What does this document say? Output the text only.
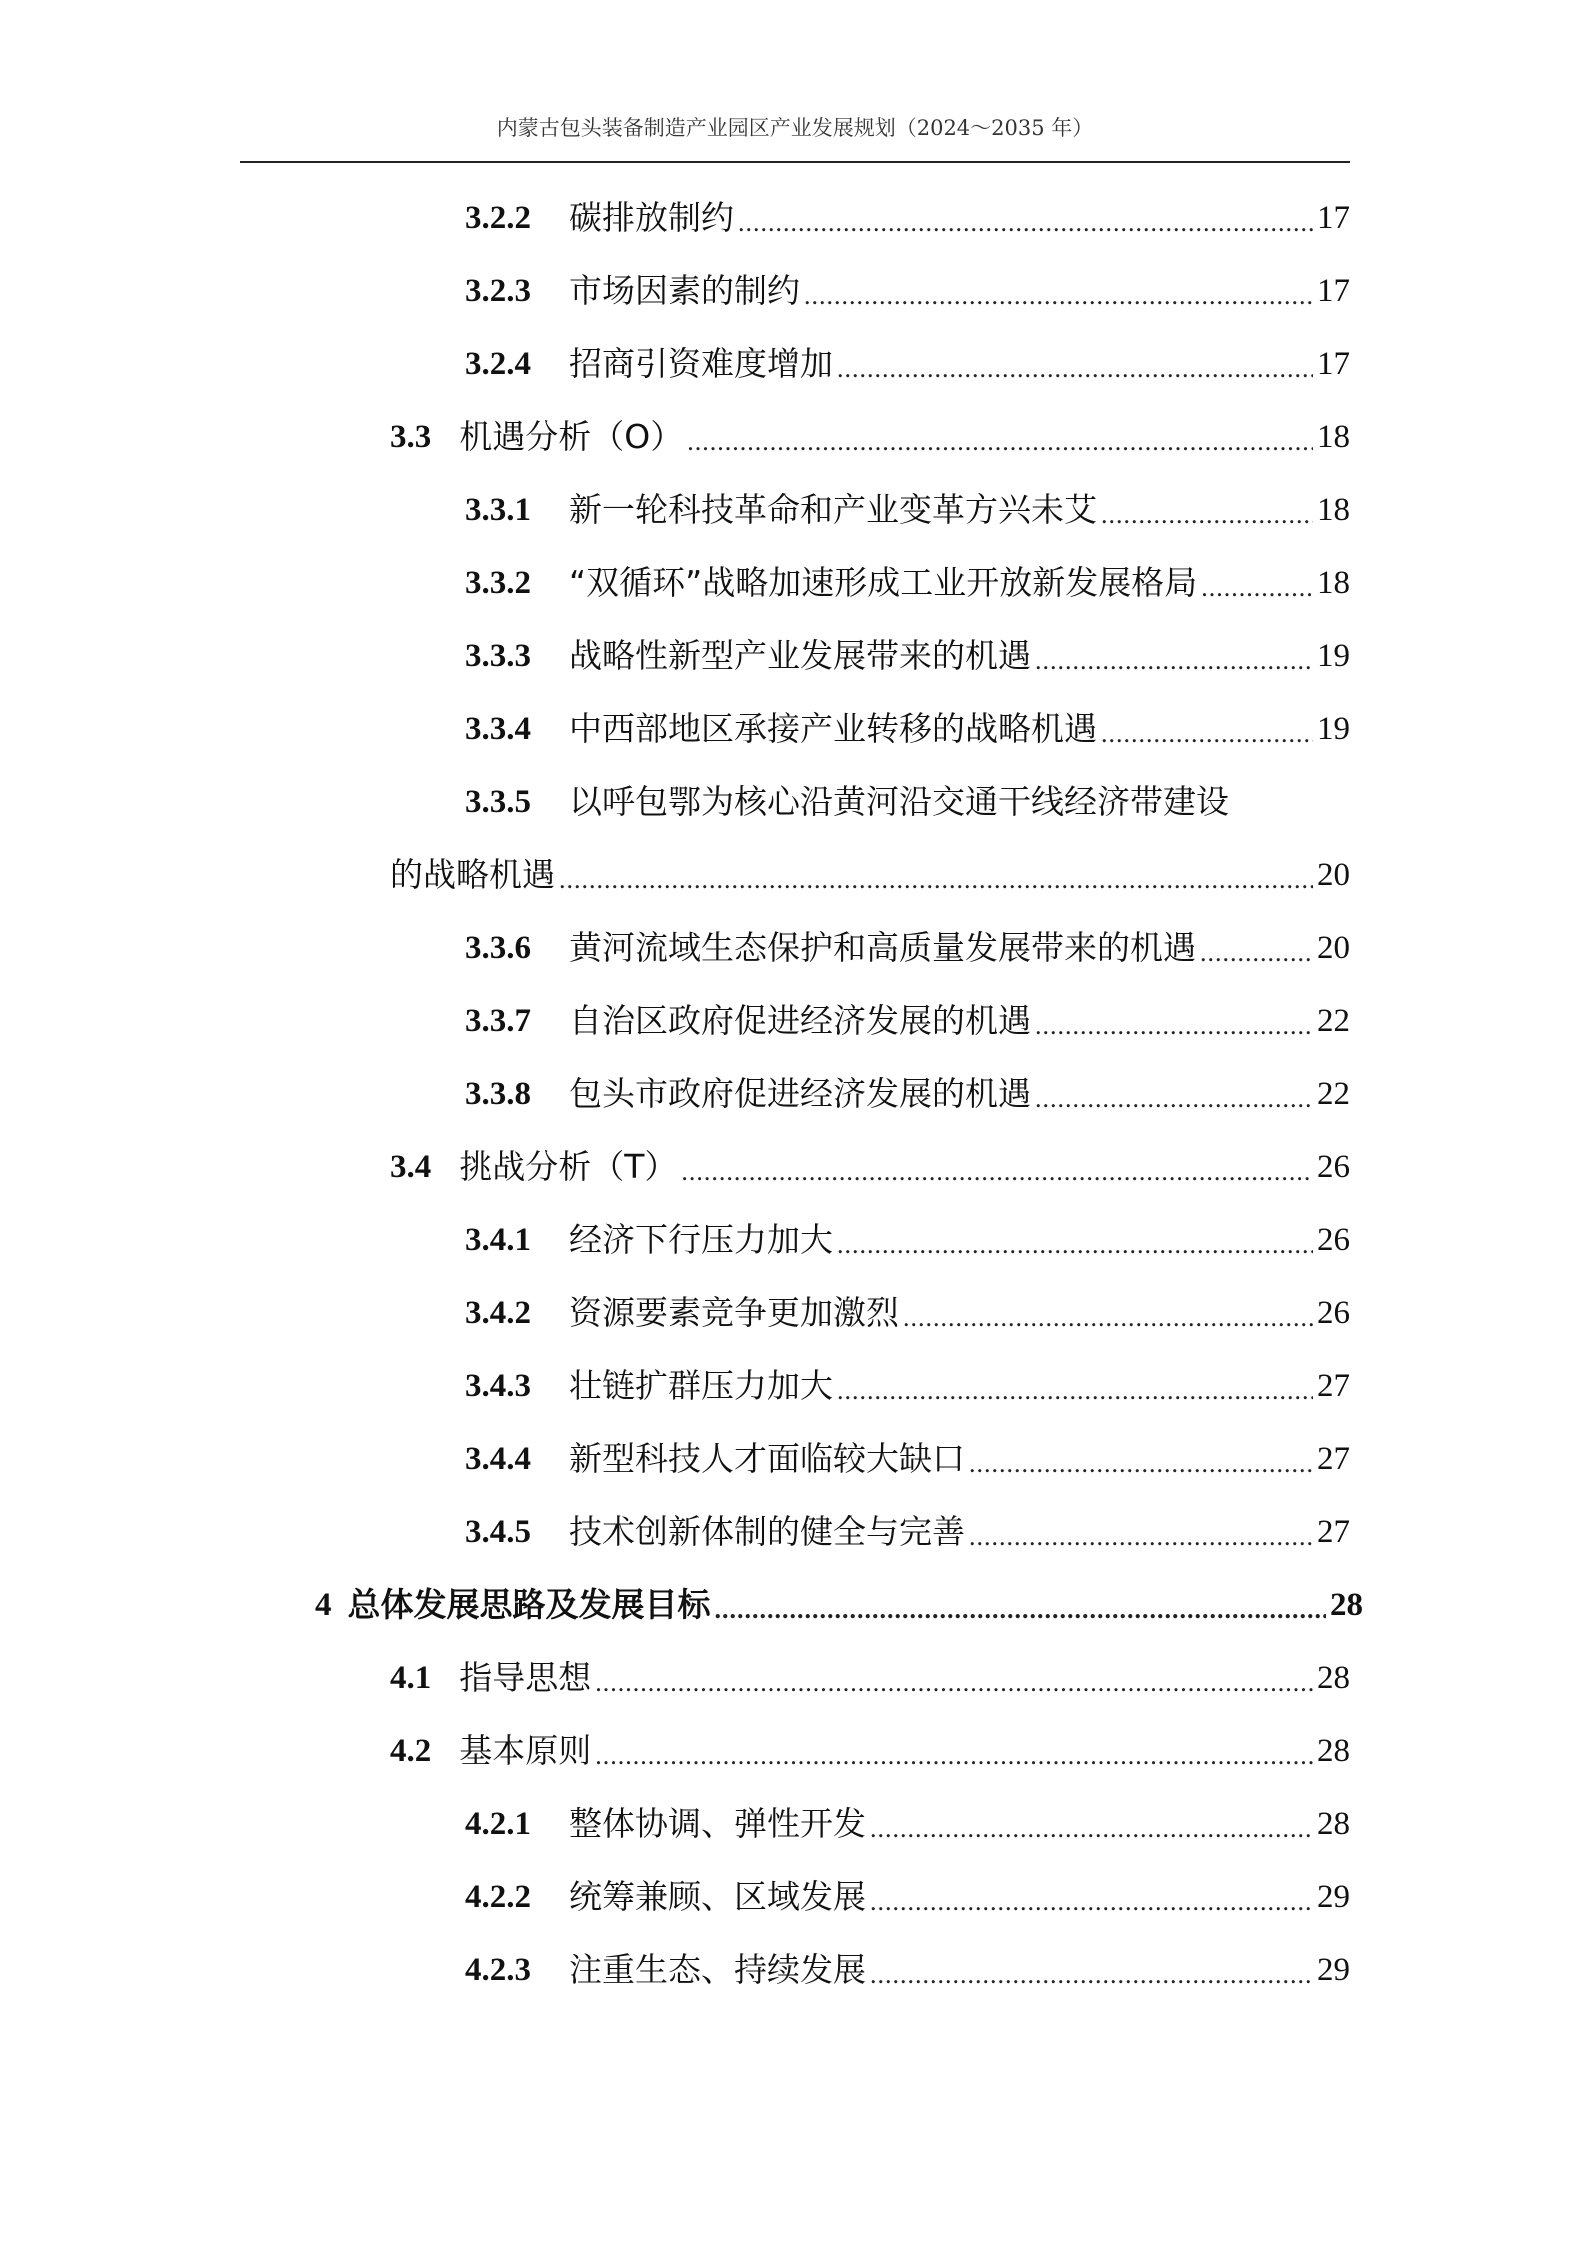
内蒙古包头装备制造产业园区产业发展规划（2024～2035 年）
3.2.2 碳排放制约 .....	17
3.2.3 市场因素的制约 .....	17
3.2.4 招商引资难度增加 .....	17
3.3 机遇分析（O） .....	18
3.3.1 新一轮科技革命和产业变革方兴未艾 .....	18
3.3.2 “双循环”战略加速形成工业开放新发展格局 .....	18
3.3.3 战略性新型产业发展带来的机遇 .....	19
3.3.4 中西部地区承接产业转移的战略机遇 .....	19
3.3.5 以呼包鄂为核心沿黄河沿交通干线经济带建设
的战略机遇 .....	20
3.3.6 黄河流域生态保护和高质量发展带来的机遇 .....	20
3.3.7 自治区政府促进经济发展的机遇 .....	22
3.3.8 包头市政府促进经济发展的机遇 .....	22
3.4 挑战分析（T） .....	26
3.4.1 经济下行压力加大 .....	26
3.4.2 资源要素竞争更加激烈 .....	26
3.4.3 壮链扩群压力加大 .....	27
3.4.4 新型科技人才面临较大缺口 .....	27
3.4.5 技术创新体制的健全与完善 .....	27
4 总体发展思路及发展目标 .....	28
4.1 指导思想 .....	28
4.2 基本原则 .....	28
4.2.1 整体协调、弹性开发 .....	28
4.2.2 统筹兼顾、区域发展 .....	29
4.2.3 注重生态、持续发展 .....	29
